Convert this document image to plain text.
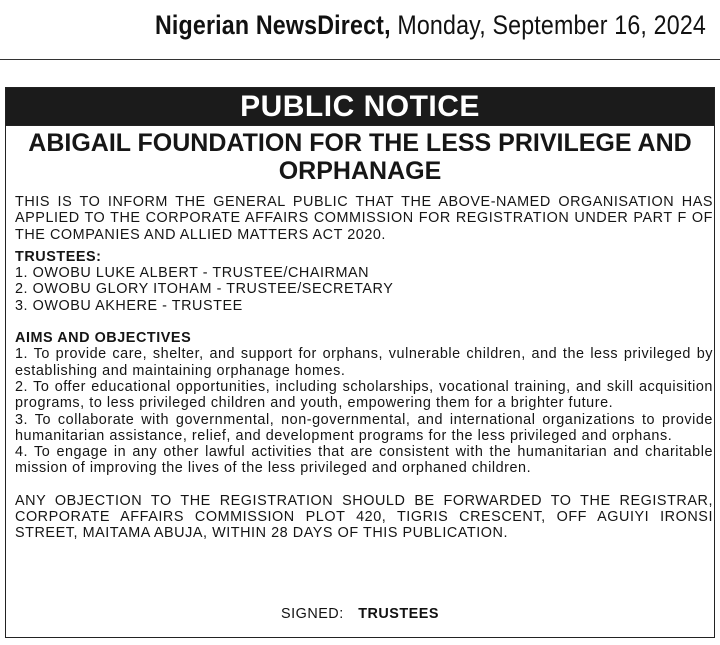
Nigerian NewsDirect, Monday, September 16, 2024
PUBLIC NOTICE
ABIGAIL FOUNDATION FOR THE LESS PRIVILEGE AND ORPHANAGE
THIS IS TO INFORM THE GENERAL PUBLIC THAT THE ABOVE-NAMED ORGANISATION HAS APPLIED TO THE CORPORATE AFFAIRS COMMISSION FOR REGISTRATION UNDER PART F OF THE COMPANIES AND ALLIED MATTERS ACT 2020.
TRUSTEES:
1. OWOBU LUKE ALBERT - TRUSTEE/CHAIRMAN
2. OWOBU GLORY ITOHAM - TRUSTEE/SECRETARY
3. OWOBU AKHERE - TRUSTEE
AIMS AND OBJECTIVES
1. To provide care, shelter, and support for orphans, vulnerable children, and the less privileged by establishing and maintaining orphanage homes.
2. To offer educational opportunities, including scholarships, vocational training, and skill acquisition programs, to less privileged children and youth, empowering them for a brighter future.
3. To collaborate with governmental, non-governmental, and international organizations to provide humanitarian assistance, relief, and development programs for the less privileged and orphans.
4. To engage in any other lawful activities that are consistent with the humanitarian and charitable mission of improving the lives of the less privileged and orphaned children.
ANY OBJECTION TO THE REGISTRATION SHOULD BE FORWARDED TO THE REGISTRAR, CORPORATE AFFAIRS COMMISSION PLOT 420, TIGRIS CRESCENT, OFF AGUIYI IRONSI STREET, MAITAMA ABUJA, WITHIN 28 DAYS OF THIS PUBLICATION.
SIGNED: TRUSTEES
